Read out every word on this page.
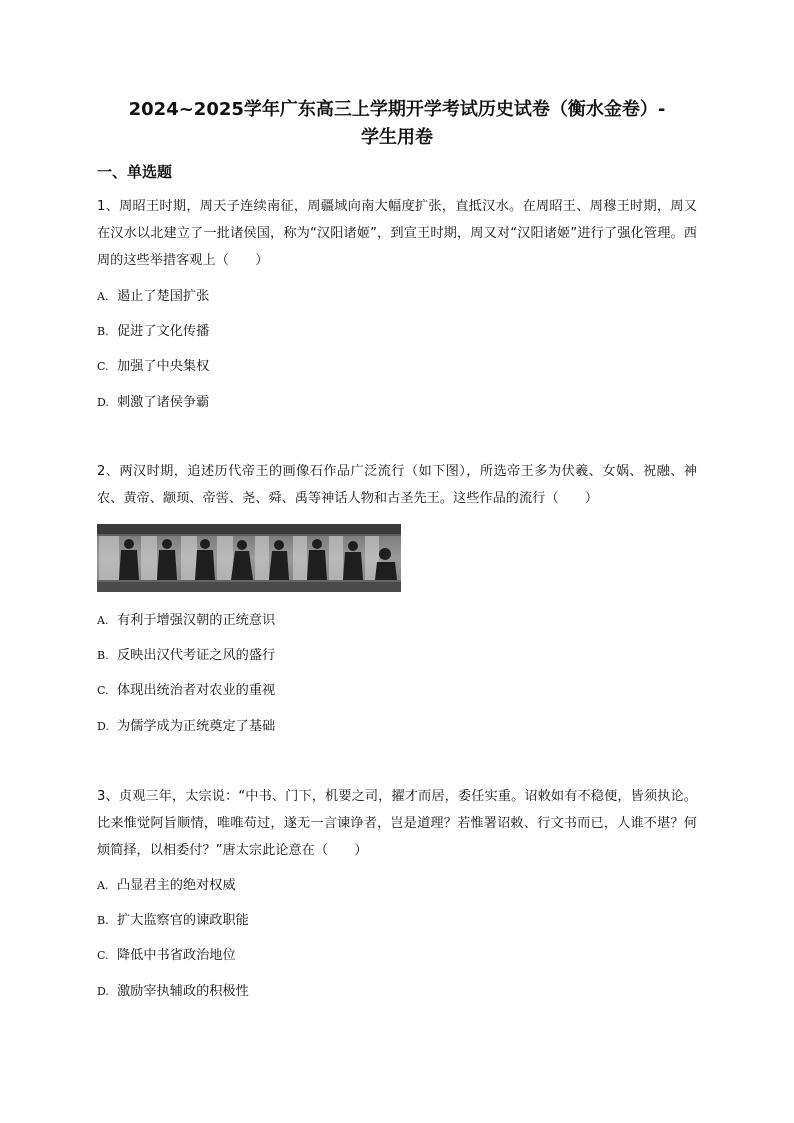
2024~2025学年广东高三上学期开学考试历史试卷（衡水金卷）-
学生用卷
一、单选题
1、周昭王时期，周天子连续南征，周疆域向南大幅度扩张，直抵汉水。在周昭王、周穆王时期，周又在汉水以北建立了一批诸侯国，称为“汉阳诸姬”，到宣王时期，周又对“汉阳诸姬”进行了强化管理。西周的这些举措客观上（　　）
A. 遏止了楚国扩张
B. 促进了文化传播
C. 加强了中央集权
D. 刺激了诸侯争霸
2、两汉时期，追述历代帝王的画像石作品广泛流行（如下图），所选帝王多为伏羲、女娲、祝融、神农、黄帝、颛顼、帝喾、尧、舜、禹等神话人物和古圣先王。这些作品的流行（　　）
A. 有利于增强汉朝的正统意识
B. 反映出汉代考证之风的盛行
C. 体现出统治者对农业的重视
D. 为儒学成为正统奠定了基础
3、贞观三年，太宗说：“中书、门下，机要之司，擢才而居，委任实重。诏敕如有不稳便，皆须执论。比来惟觉阿旨顺情，唯唯苟过，遂无一言谏诤者，岂是道理？若惟署诏敕、行文书而已，人谁不堪？何烦简择，以相委付？”唐太宗此论意在（　　）
A. 凸显君主的绝对权威
B. 扩大监察官的谏政职能
C. 降低中书省政治地位
D. 激励宰执辅政的积极性
